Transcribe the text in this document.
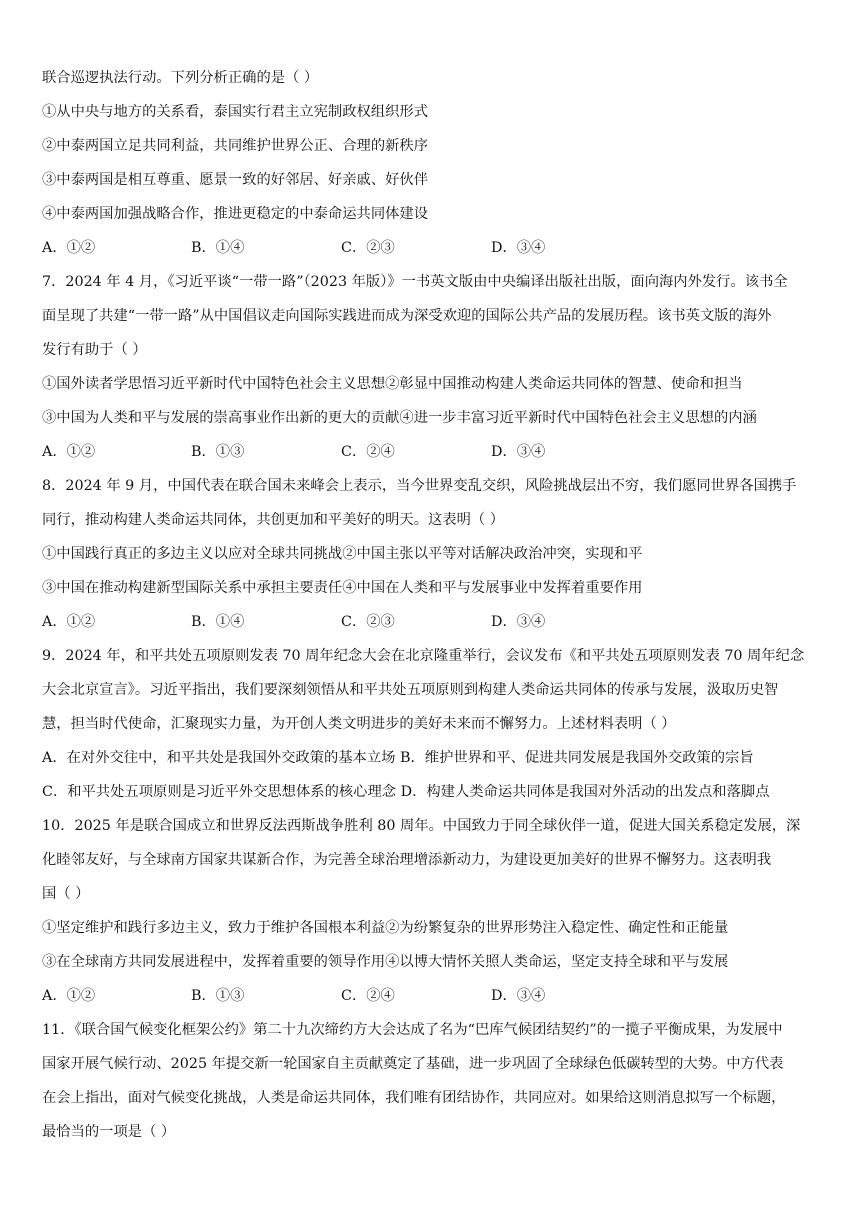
联合巡逻执法行动。下列分析正确的是（ ）
①从中央与地方的关系看，泰国实行君主立宪制政权组织形式
②中泰两国立足共同利益，共同维护世界公正、合理的新秩序
③中泰两国是相互尊重、愿景一致的好邻居、好亲戚、好伙伴
④中泰两国加强战略合作，推进更稳定的中泰命运共同体建设
A．①②	B．①④	C．②③	D．③④
7．2024 年 4 月，《习近平谈“一带一路”（2023 年版）》一书英文版由中央编译出版社出版，面向海内外发行。该书全
面呈现了共建“一带一路”从中国倡议走向国际实践进而成为深受欢迎的国际公共产品的发展历程。该书英文版的海外
发行有助于（ ）
①国外读者学思悟习近平新时代中国特色社会主义思想②彰显中国推动构建人类命运共同体的智慧、使命和担当
③中国为人类和平与发展的崇高事业作出新的更大的贡献④进一步丰富习近平新时代中国特色社会主义思想的内涵
A．①②	B．①③	C．②④	D．③④
8．2024 年 9 月，中国代表在联合国未来峰会上表示，当今世界变乱交织，风险挑战层出不穷，我们愿同世界各国携手
同行，推动构建人类命运共同体，共创更加和平美好的明天。这表明（ ）
①中国践行真正的多边主义以应对全球共同挑战②中国主张以平等对话解决政治冲突，实现和平
③中国在推动构建新型国际关系中承担主要责任④中国在人类和平与发展事业中发挥着重要作用
A．①②	B．①④	C．②③	D．③④
9．2024 年，和平共处五项原则发表 70 周年纪念大会在北京隆重举行，会议发布《和平共处五项原则发表 70 周年纪念
大会北京宣言》。习近平指出，我们要深刻领悟从和平共处五项原则到构建人类命运共同体的传承与发展，汲取历史智
慧，担当时代使命，汇聚现实力量，为开创人类文明进步的美好未来而不懈努力。上述材料表明（ ）
A．在对外交往中，和平共处是我国外交政策的基本立场 B．维护世界和平、促进共同发展是我国外交政策的宗旨
C．和平共处五项原则是习近平外交思想体系的核心理念 D．构建人类命运共同体是我国对外活动的出发点和落脚点
10．2025 年是联合国成立和世界反法西斯战争胜利 80 周年。中国致力于同全球伙伴一道，促进大国关系稳定发展，深
化睦邻友好，与全球南方国家共谋新合作，为完善全球治理增添新动力，为建设更加美好的世界不懈努力。这表明我
国（ ）
①坚定维护和践行多边主义，致力于维护各国根本利益②为纷繁复杂的世界形势注入稳定性、确定性和正能量
③在全球南方共同发展进程中，发挥着重要的领导作用④以博大情怀关照人类命运，坚定支持全球和平与发展
A．①②	B．①③	C．②④	D．③④
11．《联合国气候变化框架公约》第二十九次缔约方大会达成了名为“巴库气候团结契约”的一揽子平衡成果，为发展中
国家开展气候行动、2025 年提交新一轮国家自主贡献奠定了基础，进一步巩固了全球绿色低碳转型的大势。中方代表
在会上指出，面对气候变化挑战，人类是命运共同体，我们唯有团结协作，共同应对。如果给这则消息拟写一个标题，
最恰当的一项是（ ）
